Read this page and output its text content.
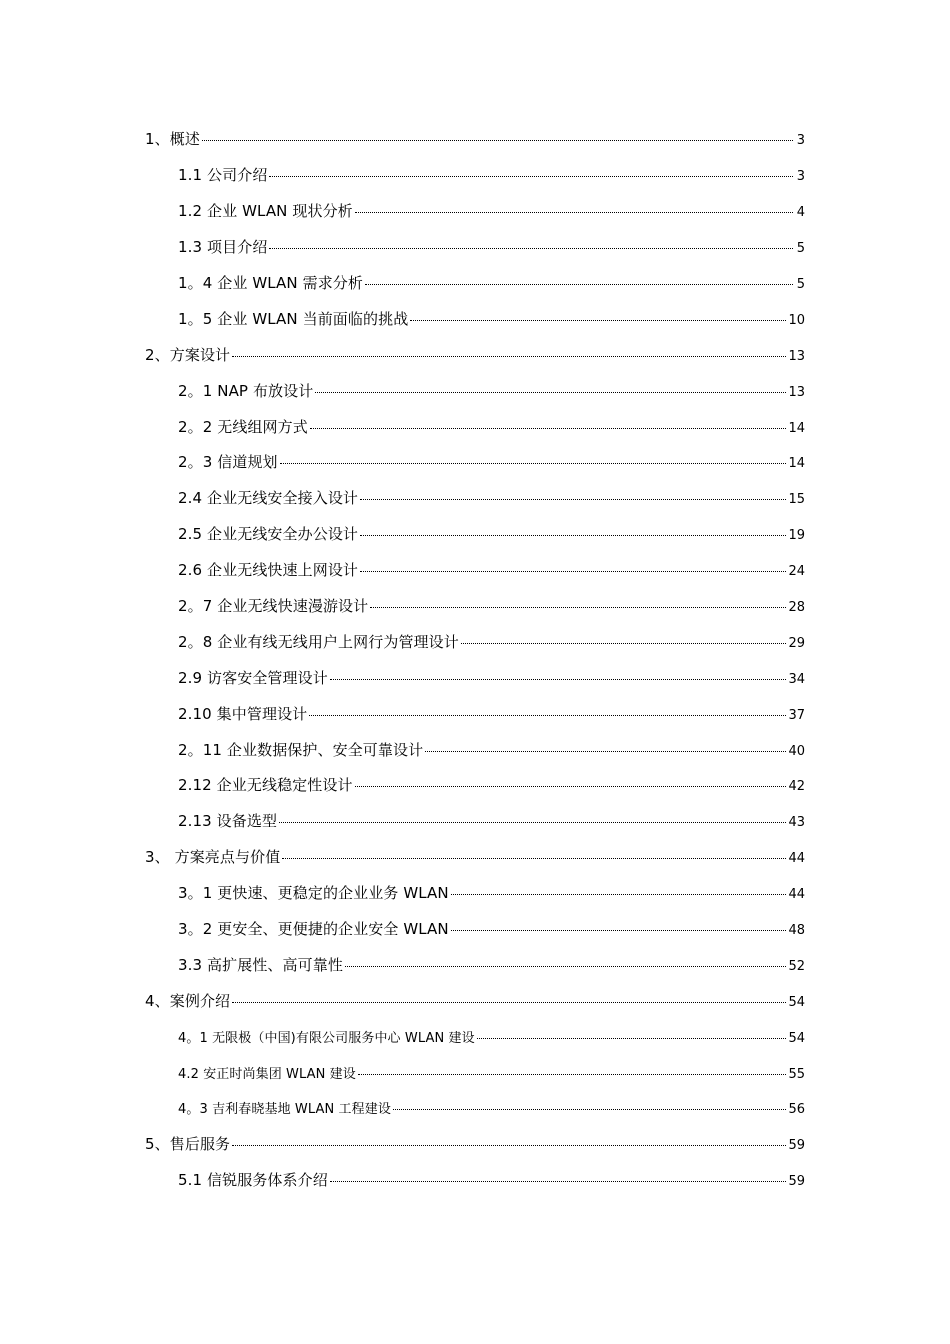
1、概述	3
1.1 公司介绍	3
1.2 企业 WLAN 现状分析	4
1.3 项目介绍	5
1。4 企业 WLAN 需求分析	5
1。5 企业 WLAN 当前面临的挑战	10
2、方案设计	13
2。1 NAP 布放设计	13
2。2 无线组网方式	14
2。3 信道规划	14
2.4 企业无线安全接入设计	15
2.5 企业无线安全办公设计	19
2.6 企业无线快速上网设计	24
2。7 企业无线快速漫游设计	28
2。8 企业有线无线用户上网行为管理设计	29
2.9 访客安全管理设计	34
2.10 集中管理设计	37
2。11 企业数据保护、安全可靠设计	40
2.12 企业无线稳定性设计	42
2.13 设备选型	43
3、 方案亮点与价值	44
3。1 更快速、更稳定的企业业务 WLAN	44
3。2 更安全、更便捷的企业安全 WLAN	48
3.3 高扩展性、高可靠性	52
4、案例介绍	54
4。1 无限极（中国)有限公司服务中心 WLAN 建设	54
4.2 安正时尚集团 WLAN 建设	55
4。3 吉利春晓基地 WLAN 工程建设	56
5、售后服务	59
5.1 信锐服务体系介绍	59
